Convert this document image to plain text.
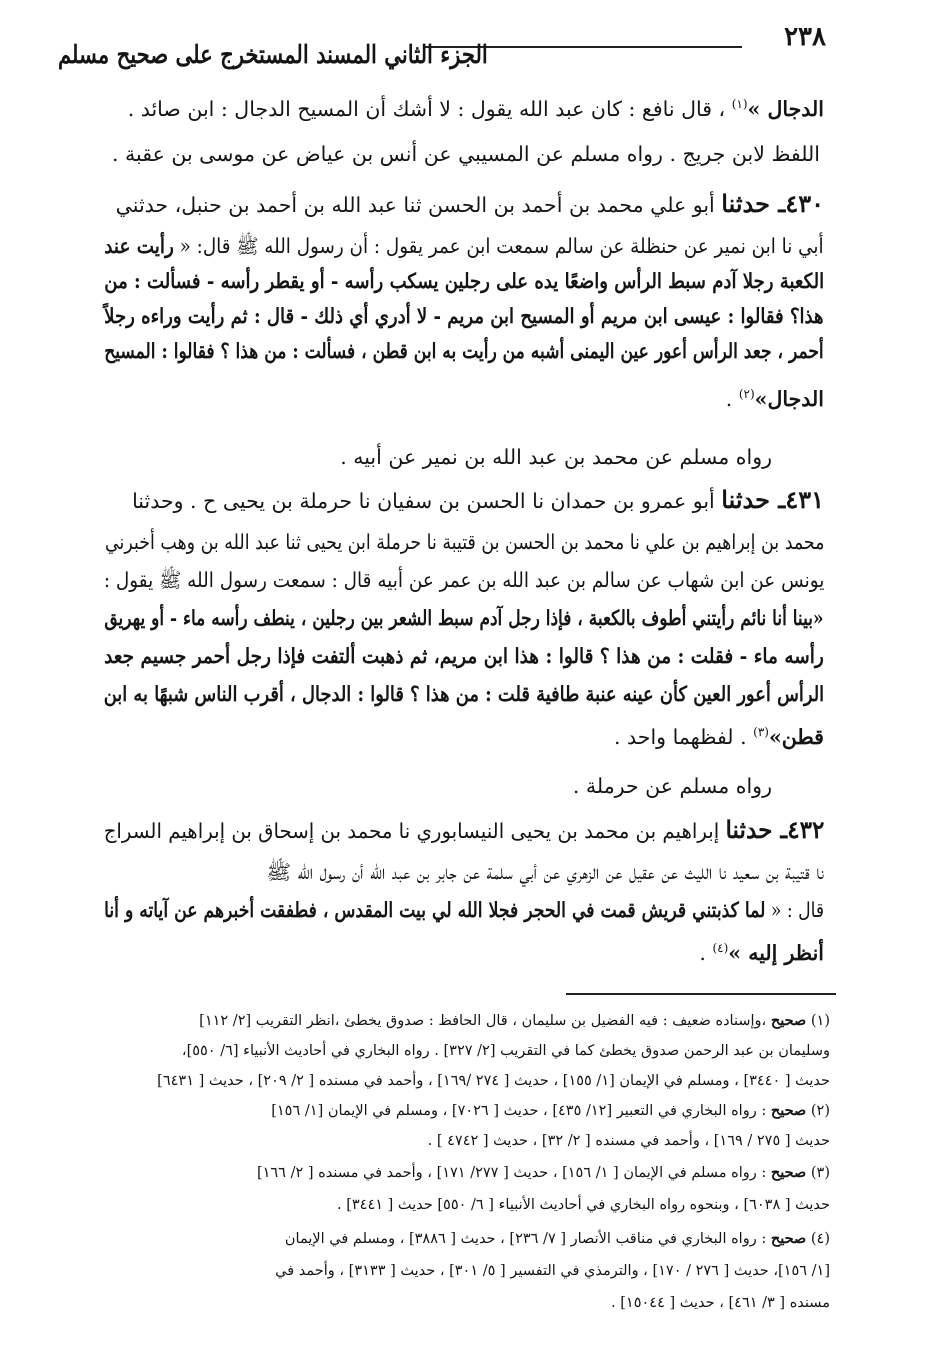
٢٣٨
الجزء الثاني المسند المستخرج على صحيح مسلم

الدجال »$^{(١)}$ ، قال نافع : كان عبد الله يقول : لا أشك أن المسيح الدجال : ابن صائد .

اللفظ لابن جريج . رواه مسلم عن المسيبي عن أنس بن عياض عن موسى بن عقبة .

٤٣٠ـ حدثنا أبو علي محمد بن أحمد بن الحسن ثنا عبد الله بن أحمد بن حنبل، حدثني

أبي نا ابن نمير عن حنظلة عن سالم سمعت ابن عمر يقول : أن رسول الله ﷺ قال: « رأيت عند

الكعبة رجلا آدم سبط الرأس واضعًا يده على رجلين يسكب رأسه - أو يقطر رأسه - فسألت : من

هذا؟ فقالوا : عيسى ابن مريم أو المسيح ابن مريم - لا أدري أي ذلك - قال : ثم رأيت وراءه رجلاً

أحمر ، جعد الرأس أعور عين اليمنى أشبه من رأيت به ابن قطن ، فسألت : من هذا ؟ فقالوا : المسيح

الدجال»$^{(٢)}$ .

رواه مسلم عن محمد بن عبد الله بن نمير عن أبيه .

٤٣١ـ حدثنا أبو عمرو بن حمدان نا الحسن بن سفيان نا حرملة بن يحيى ح . وحدثنا

محمد بن إبراهيم بن علي نا محمد بن الحسن بن قتيبة نا حرملة ابن يحيى ثنا عبد الله بن وهب أخبرني

يونس عن ابن شهاب عن سالم بن عبد الله بن عمر عن أبيه قال : سمعت رسول الله ﷺ يقول :

«بينا أنا نائم رأيتني أطوف بالكعبة ، فإذا رجل آدم سبط الشعر بين رجلين ، ينطف رأسه ماء - أو يهريق

رأسه ماء - فقلت : من هذا ؟ قالوا : هذا ابن مريم، ثم ذهبت ألتفت فإذا رجل أحمر جسيم جعد

الرأس أعور العين كأن عينه عنبة طافية قلت : من هذا ؟ قالوا : الدجال ، أقرب الناس شبهًا به ابن

قطن»$^{(٣)}$ . لفظهما واحد .

رواه مسلم عن حرملة .

٤٣٢ـ حدثنا إبراهيم بن محمد بن يحيى النيسابوري نا محمد بن إسحاق بن إبراهيم السراج

نا قتيبة بن سعيد نا الليث عن عقيل عن الزهري عن أبي سلمة عن جابر بن عبد الله أن رسول الله ﷺ

قال : « لما كذبتني قريش قمت في الحجر فجلا الله لي بيت المقدس ، فطفقت أخبرهم عن آياته و أنا

أنظر إليه »$^{(٤)}$ .

(١) صحيح ،وإسناده ضعيف : فيه الفضيل بن سليمان ، قال الحافظ : صدوق يخطئ ،انظر التقريب [٢/ ١١٢]

وسليمان بن عبد الرحمن صدوق يخطئ كما في التقريب [٢/ ٣٢٧] . رواه البخاري في أحاديث الأنبياء [٦/ ٥٥٠]،

حديث [ ٣٤٤٠] ، ومسلم في الإيمان [١/ ١٥٥] ، حديث [ ٢٧٤ /١٦٩] ، وأحمد في مسنده [ ٢/ ٢٠٩] ، حديث [ ٦٤٣١]

(٢) صحيح : رواه البخاري في التعبير [١٢/ ٤٣٥] ، حديث [ ٧٠٢٦] ، ومسلم في الإيمان [١/ ١٥٦]

حديث [ ٢٧٥ / ١٦٩] ، وأحمد في مسنده [ ٢/ ٣٢] ، حديث [ ٤٧٤٢ ] .

(٣) صحيح : رواه مسلم في الإيمان [ ١/ ١٥٦] ، حديث [ ٢٧٧/ ١٧١] ، وأحمد في مسنده [ ٢/ ١٦٦]

حديث [ ٦٠٣٨] ، وبنحوه رواه البخاري في أحاديث الأنبياء [ ٦/ ٥٥٠] حديث [ ٣٤٤١] .

(٤) صحيح : رواه البخاري في مناقب الأنصار [ ٧/ ٢٣٦] ، حديث [ ٣٨٨٦] ، ومسلم في الإيمان

[١/ ١٥٦]، حديث [ ٢٧٦ / ١٧٠] ، والترمذي في التفسير [ ٥/ ٣٠١] ، حديث [ ٣١٣٣] ، وأحمد في

مسنده [ ٣/ ٤٦١] ، حديث [ ١٥٠٤٤] .
